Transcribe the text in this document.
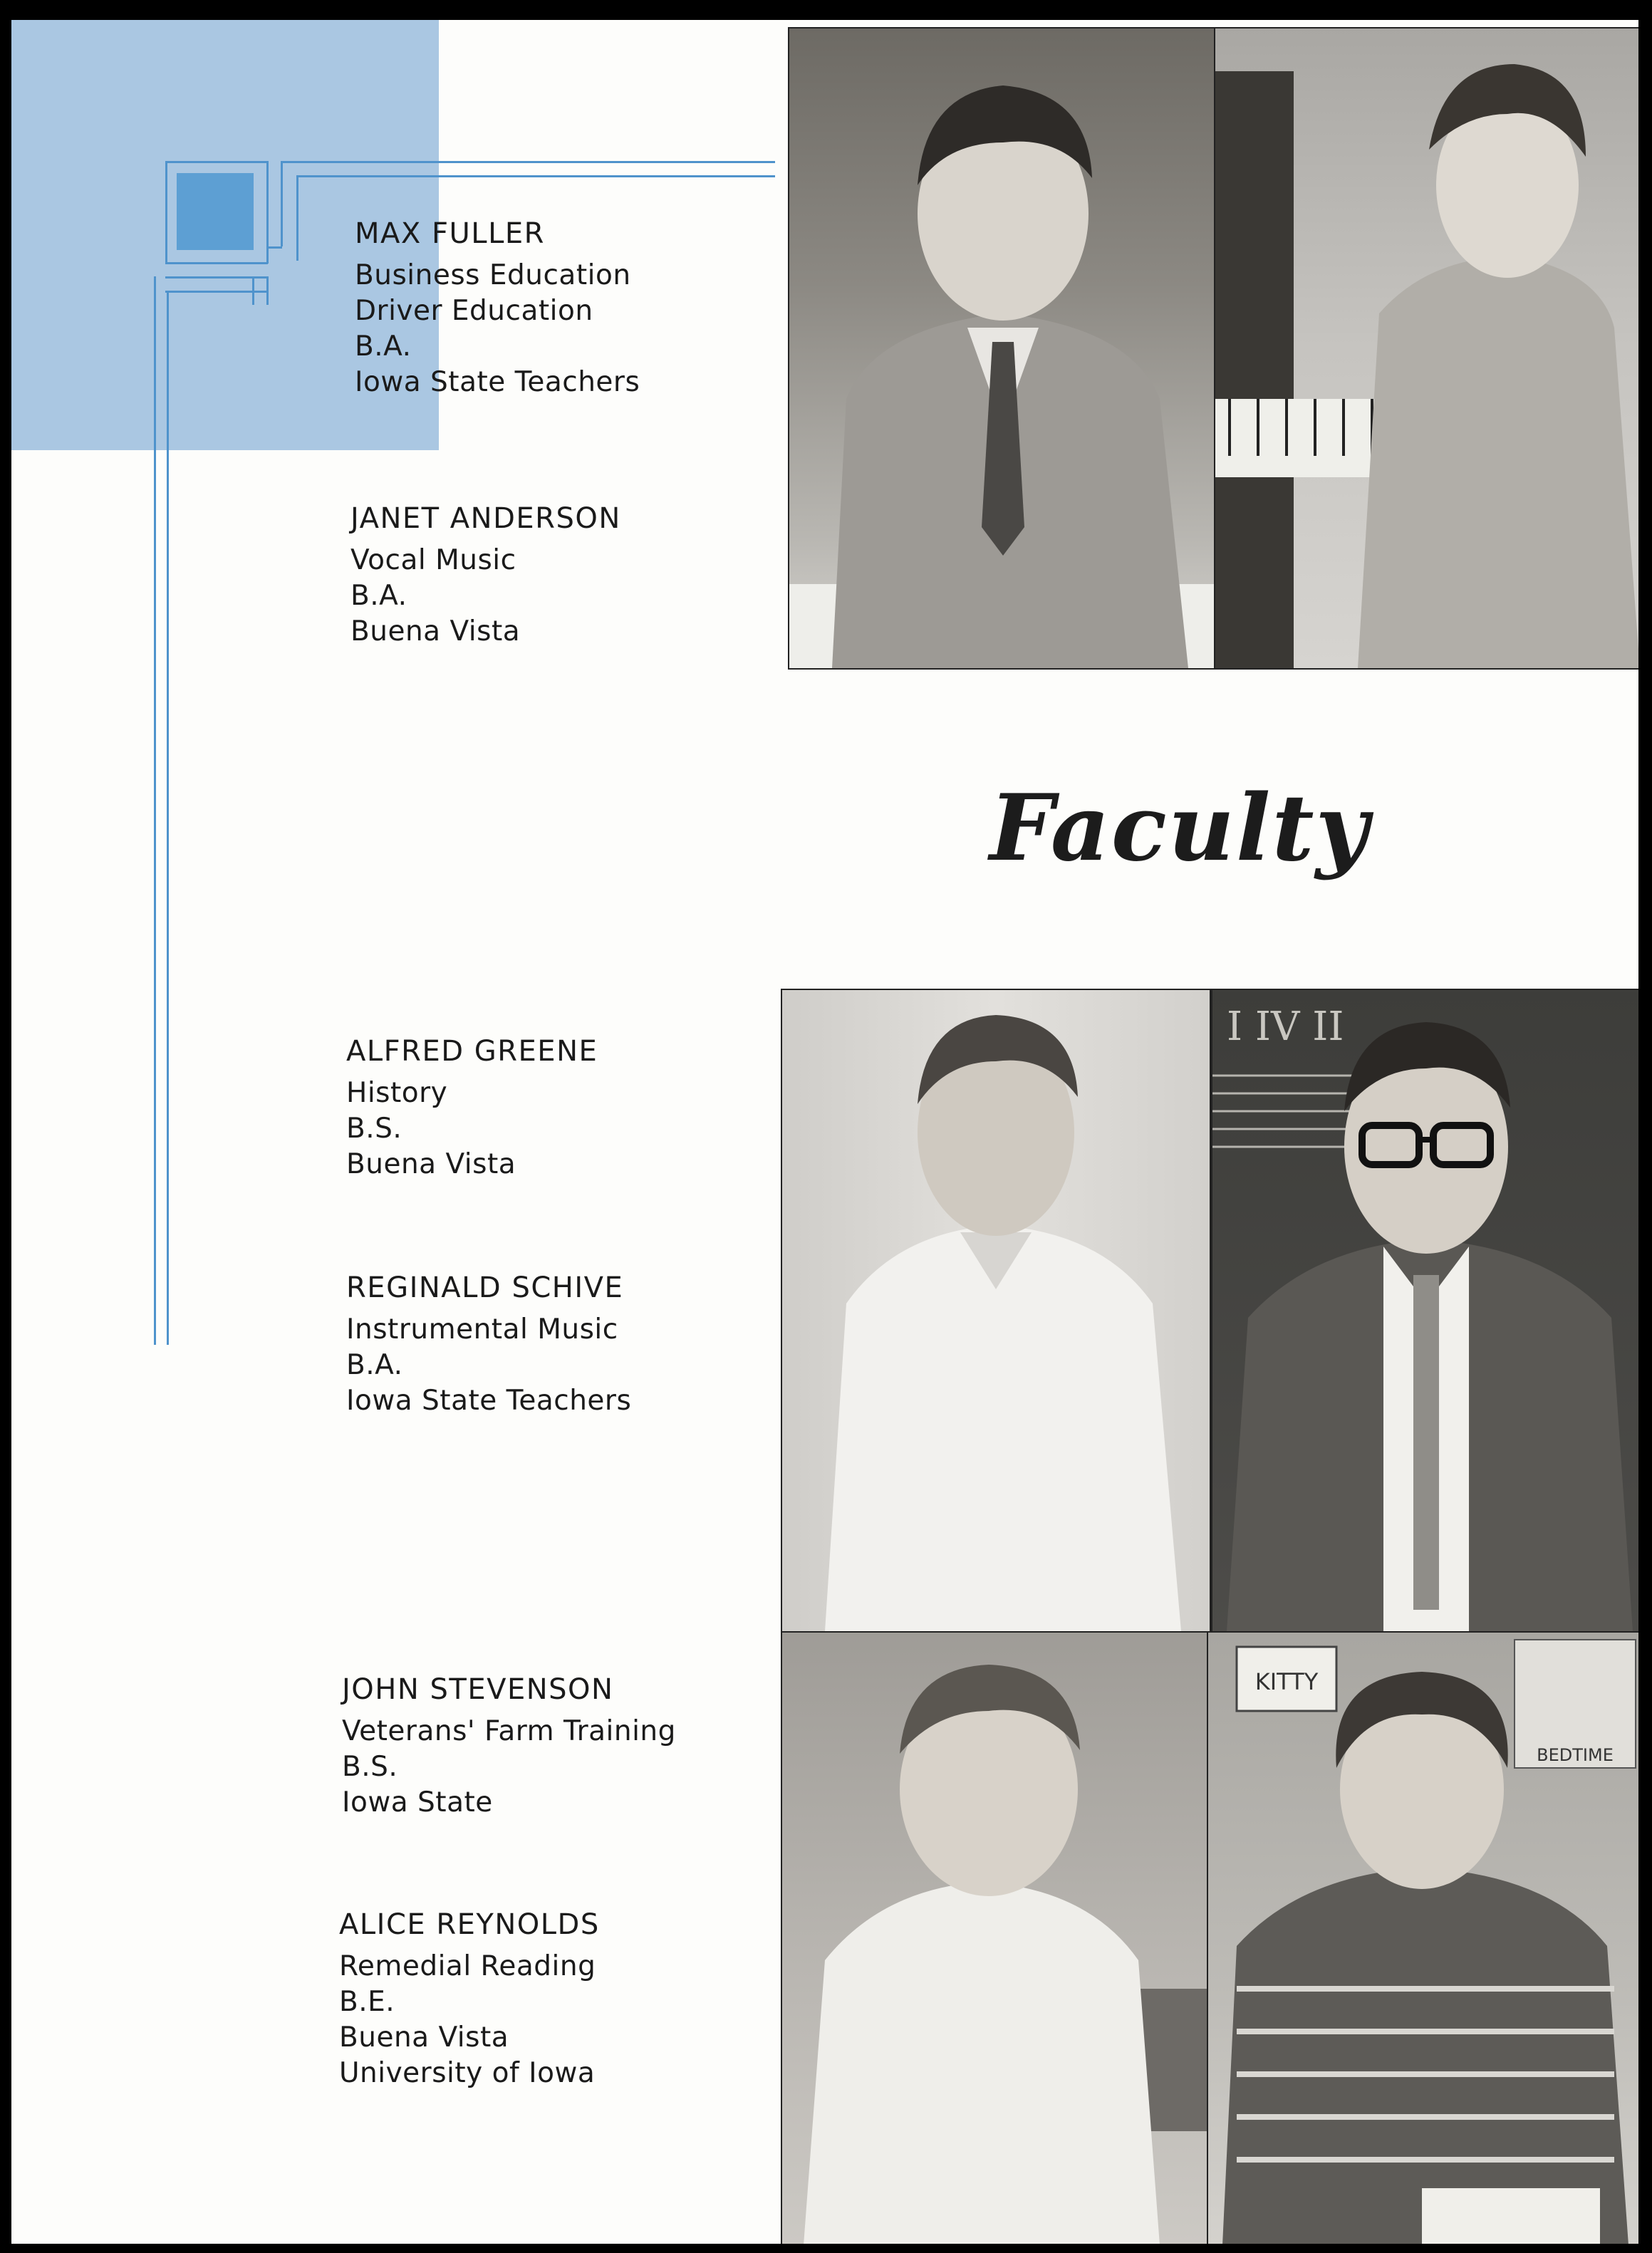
MAX FULLER
Business Education
Driver Education
B.A.
Iowa State Teachers
JANET ANDERSON
Vocal Music
B.A.
Buena Vista
ALFRED GREENE
History
B.S.
Buena Vista
REGINALD SCHIVE
Instrumental Music
B.A.
Iowa State Teachers
JOHN STEVENSON
Veterans' Farm Training
B.S.
Iowa State
ALICE REYNOLDS
Remedial Reading
B.E.
Buena Vista
University of Iowa
Faculty
I IV II
KITTY
BEDTIME
